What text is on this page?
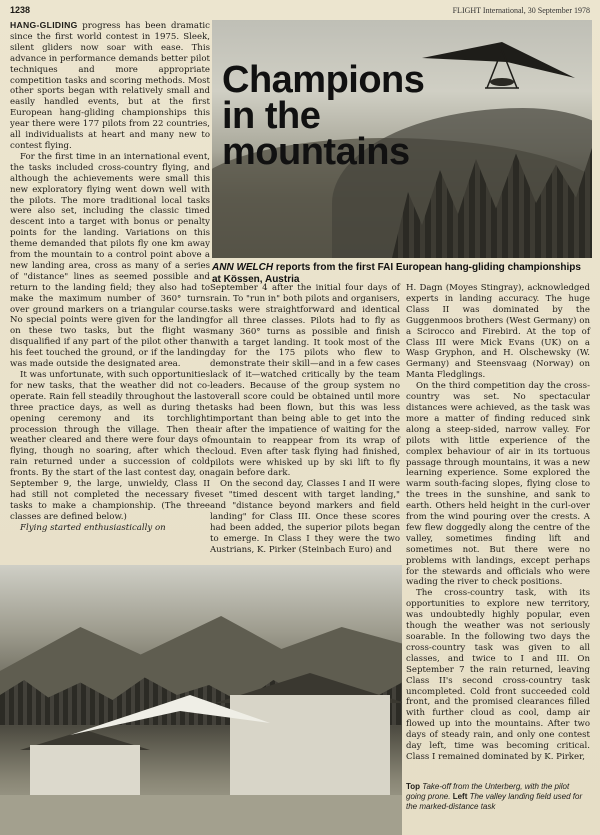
1238	FLIGHT International, 30 September 1978
Champions
in the
mountains
ANN WELCH reports from the first FAI European hang-gliding championships at Kössen, Austria

HANG-GLIDING progress has been dramatic since the first world contest in 1975. Sleek, silent gliders now soar with ease. This advance in performance demands better pilot techniques and more appropriate competition tasks and scoring methods. Most other sports began with relatively small and easily handled events, but at the first European hang-gliding championships this year there were 177 pilots from 22 countries, all individualists at heart and many new to contest flying.

For the first time in an international event, the tasks included cross-country flying, and although the achievements were small this new exploratory flying went down well with the pilots. The more traditional local tasks were also set, including the classic timed descent into a target with bonus or penalty points for the landing. Variations on this theme demanded that pilots fly one km away from the mountain to a control point above a new landing area, cross as many of a series of "distance" lines as seemed possible and return to the landing field; they also had to make the maximum number of 360° turns over ground markers on a triangular course. No special points were given for the landing on these two tasks, but the flight was disqualified if any part of the pilot other than his feet touched the ground, or if the landing was made outside the designated area.

It was unfortunate, with such opportunities for new tasks, that the weather did not co-operate. Rain fell steadily throughout the last three practice days, as well as during the opening ceremony and its torchlight procession through the village. Then the weather cleared and there were four days of flying, though no soaring, after which the rain returned under a succession of cold fronts. By the start of the last contest day, on September 9, the large, unwieldy, Class II had still not completed the necessary five tasks to make a championship. (The three classes are defined below.)

Flying started enthusiastically on

September 4 after the initial four days of rain. To "run in" both pilots and organisers, tasks were straightforward and identical for all three classes. Pilots had to fly as many 360° turns as possible and finish with a target landing. It took most of the day for the 175 pilots who flew to demonstrate their skill—and in a few cases lack of it—watched critically by the team leaders. Because of the group system no overall score could be obtained until more tasks had been flown, but this was less important than being able to get into the air after the impatience of waiting for the mountain to reappear from its wrap of cloud. Even after task flying had finished, pilots were whisked up by ski lift to fly again before dark.

On the second day, Classes I and II were set "timed descent with target landing," and "distance beyond markers and field landing" for Class III. Once these scores had been added, the superior pilots began to emerge. In Class I they were the two Austrians, K. Pirker (Steinbach Euro) and

H. Dagn (Moyes Stingray), acknowledged experts in landing accuracy. The huge Class II was dominated by the Guggenmoos brothers (West Germany) on a Scirocco and Firebird. At the top of Class III were Mick Evans (UK) on a Wasp Gryphon, and H. Olschewsky (W. Germany) and Steensvaag (Norway) on Manta Fledglings.

On the third competition day the cross-country was set. No spectacular distances were achieved, as the task was more a matter of finding reduced sink along a steep-sided, narrow valley. For pilots with little experience of the complex behaviour of air in its tortuous passage through mountains, it was a new learning experience. Some explored the warm south-facing slopes, flying close to the trees in the sunshine, and sank to earth. Others held height in the curl-over from the wind pouring over the crests. A few flew doggedly along the centre of the valley, sometimes finding lift and sometimes not. But there were no problems with landings, except perhaps for the stewards and officials who were wading the river to check positions.

The cross-country task, with its opportunities to explore new territory, was undoubtedly highly popular, even though the weather was not seriously soarable. In the following two days the cross-country task was given to all classes, and twice to I and III. On September 7 the rain returned, leaving Class II's second cross-country task uncompleted. Cold front succeeded cold front, and the promised clearances filled with further cloud as cool, damp air flowed up into the mountains. After two days of steady rain, and only one contest day left, time was becoming critical. Class I remained dominated by K. Pirker,

Top Take-off from the Unterberg, with the pilot going prone. Left The valley landing field used for the marked-distance task
